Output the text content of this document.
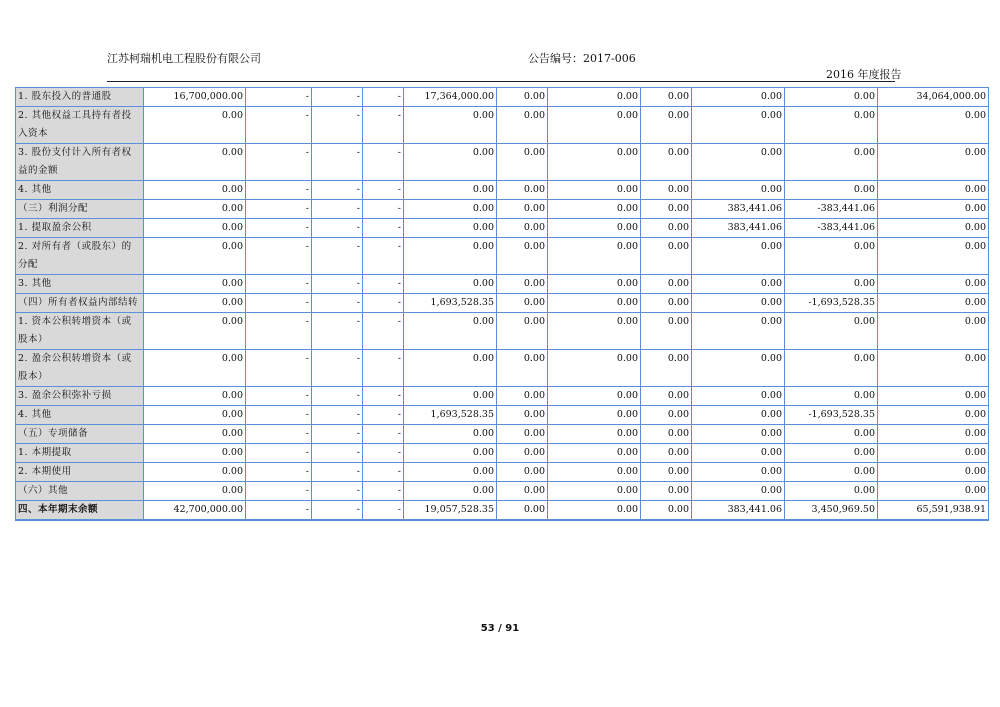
江苏柯瑞机电工程股份有限公司	公告编号：2017-006
2016 年度报告
1. 股东投入的普通股	16,700,000.00	-	-	-	17,364,000.00	0.00	0.00	0.00	0.00	0.00	34,064,000.00
2. 其他权益工具持有者投入资本	0.00	-	-	-	0.00	0.00	0.00	0.00	0.00	0.00	0.00
3. 股份支付计入所有者权益的金额	0.00	-	-	-	0.00	0.00	0.00	0.00	0.00	0.00	0.00
4. 其他	0.00	-	-	-	0.00	0.00	0.00	0.00	0.00	0.00	0.00
（三）利润分配	0.00	-	-	-	0.00	0.00	0.00	0.00	383,441.06	-383,441.06	0.00
1. 提取盈余公积	0.00	-	-	-	0.00	0.00	0.00	0.00	383,441.06	-383,441.06	0.00
2. 对所有者（或股东）的分配	0.00	-	-	-	0.00	0.00	0.00	0.00	0.00	0.00	0.00
3. 其他	0.00	-	-	-	0.00	0.00	0.00	0.00	0.00	0.00	0.00
（四）所有者权益内部结转	0.00	-	-	-	1,693,528.35	0.00	0.00	0.00	0.00	-1,693,528.35	0.00
1. 资本公积转增资本（或股本）	0.00	-	-	-	0.00	0.00	0.00	0.00	0.00	0.00	0.00
2. 盈余公积转增资本（或股本）	0.00	-	-	-	0.00	0.00	0.00	0.00	0.00	0.00	0.00
3. 盈余公积弥补亏损	0.00	-	-	-	0.00	0.00	0.00	0.00	0.00	0.00	0.00
4. 其他	0.00	-	-	-	1,693,528.35	0.00	0.00	0.00	0.00	-1,693,528.35	0.00
（五）专项储备	0.00	-	-	-	0.00	0.00	0.00	0.00	0.00	0.00	0.00
1. 本期提取	0.00	-	-	-	0.00	0.00	0.00	0.00	0.00	0.00	0.00
2. 本期使用	0.00	-	-	-	0.00	0.00	0.00	0.00	0.00	0.00	0.00
（六）其他	0.00	-	-	-	0.00	0.00	0.00	0.00	0.00	0.00	0.00
四、本年期末余额	42,700,000.00	-	-	-	19,057,528.35	0.00	0.00	0.00	383,441.06	3,450,969.50	65,591,938.91
53 / 91
